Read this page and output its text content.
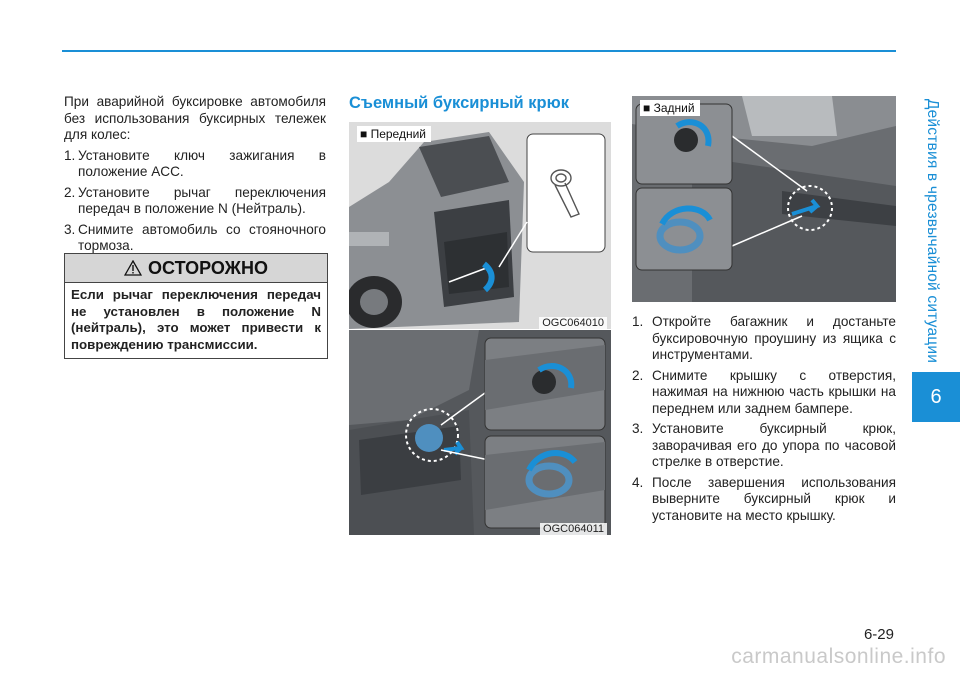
Действия в чрезвычайной ситуации
6

При аварийной буксировке автомобиля без использования буксирных тележек для колес:

1. Установите ключ зажигания в положение ACC.
2. Установите рычаг переключения передач в положение N (Нейтраль).
3. Снимите автомобиль со стояночного тормоза.
ОСТОРОЖНО
Если рычаг переключения передач не установлен в положение N (нейтраль), это может привести к повреждению трансмиссии.
Съемный буксирный крюк
■ Передний
OGC064010
OGC064011
■ Задний
1. Откройте багажник и достаньте буксировочную проушину из ящика с инструментами.
2. Снимите крышку с отверстия, нажимая на нижнюю часть крышки на переднем или заднем бампере.
3. Установите буксирный крюк, заворачивая его до упора по часовой стрелке в отверстие.
4. После завершения использования выверните буксирный крюк и установите на место крышку.
6-29
carmanualsonline.info
